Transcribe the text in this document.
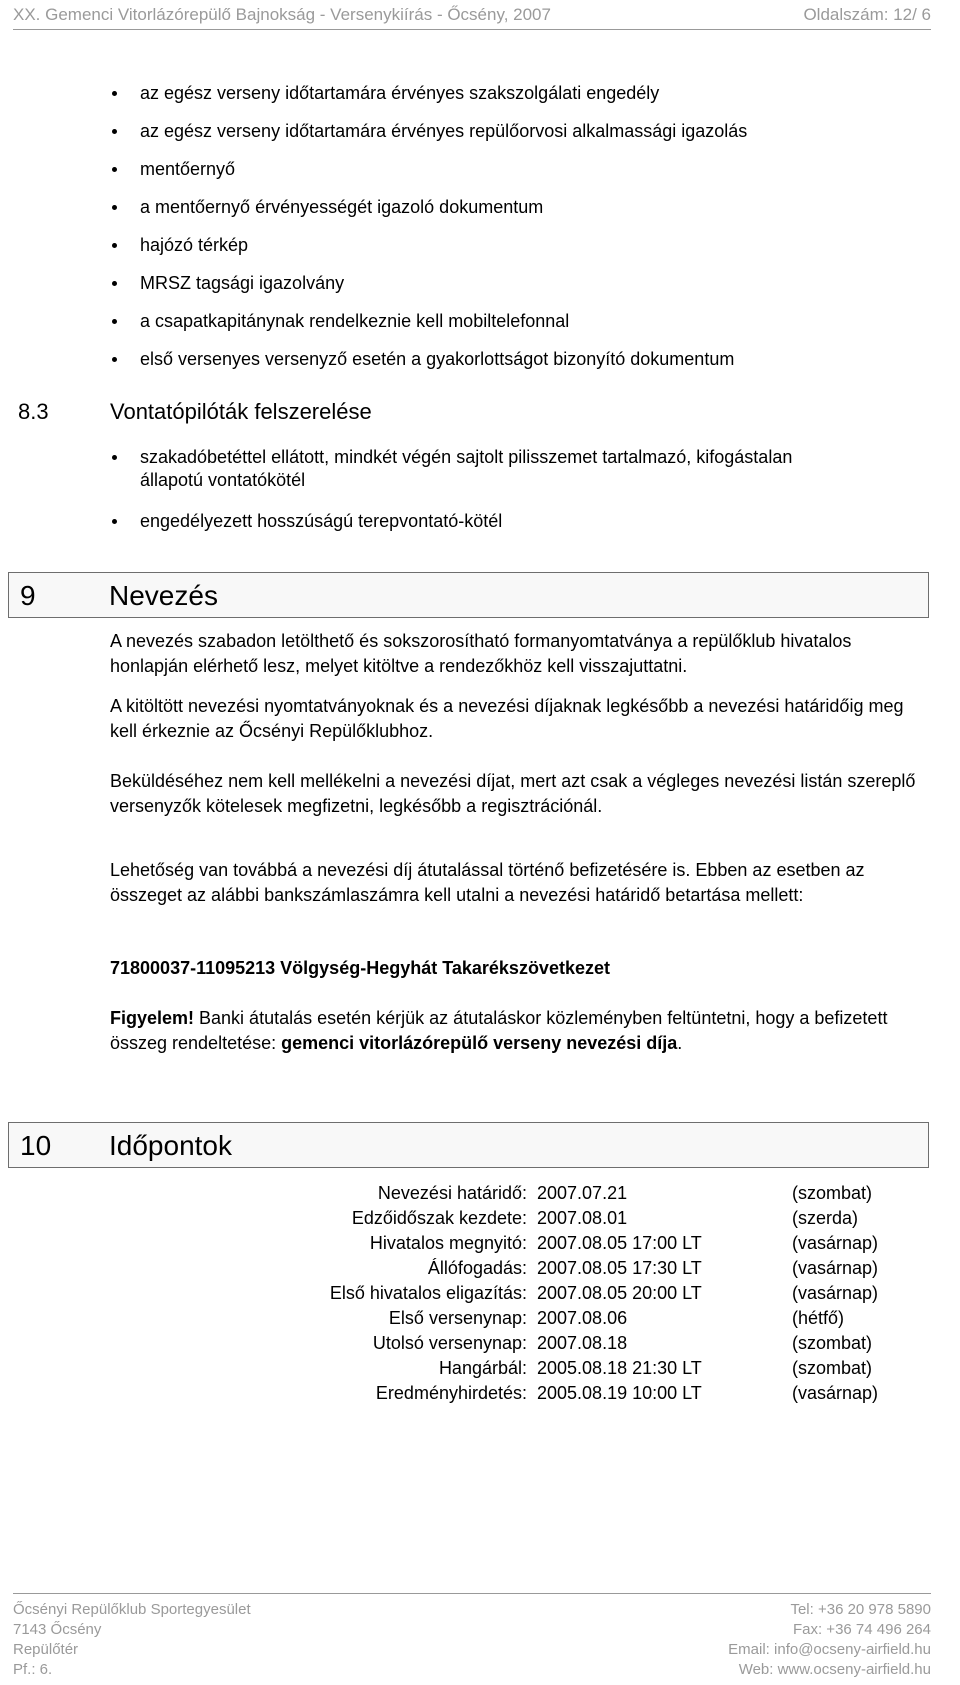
XX. Gemenci Vitorlázórepülő Bajnokság - Versenykiírás - Őcsény, 2007	Oldalszám: 12/ 6
az egész verseny időtartamára érvényes szakszolgálati engedély
az egész verseny időtartamára érvényes repülőorvosi alkalmassági igazolás
mentőernyő
a mentőernyő érvényességét igazoló dokumentum
hajózó térkép
MRSZ tagsági igazolvány
a csapatkapitánynak rendelkeznie kell mobiltelefonnal
első versenyes versenyző esetén a gyakorlottságot bizonyító dokumentum
8.3	Vontatópilóták felszerelése
szakadóbetéttel ellátott, mindkét végén sajtolt pilisszemet tartalmazó, kifogástalan állapotú vontatókötél
engedélyezett hosszúságú terepvontató-kötél
9	Nevezés
A nevezés szabadon letölthető és sokszorosítható formanyomtatványa a repülőklub hivatalos honlapján elérhető lesz, melyet kitöltve a rendezőkhöz kell visszajuttatni.
A kitöltött nevezési nyomtatványoknak és a nevezési díjaknak legkésőbb a nevezési határidőig meg kell érkeznie az Őcsényi Repülőklubhoz.
Beküldéséhez nem kell mellékelni a nevezési díjat, mert azt csak a végleges nevezési listán szereplő versenyzők kötelesek megfizetni, legkésőbb a regisztrációnál.
Lehetőség van továbbá a nevezési díj átutalással történő befizetésére is. Ebben az esetben az összeget az alábbi bankszámlaszámra kell utalni a nevezési határidő betartása mellett:
71800037-11095213 Völgység-Hegyhát Takarékszövetkezet
Figyelem! Banki átutalás esetén kérjük az átutaláskor közleményben feltüntetni, hogy a befizetett összeg rendeltetése: gemenci vitorlázórepülő verseny nevezési díja.
10 Időpontok
Nevezési határidő:	2007.07.21	(szombat)
Edzőidőszak kezdete:	2007.08.01	(szerda)
Hivatalos megnyitó:	2007.08.05 17:00 LT	(vasárnap)
Állófogadás:	2007.08.05 17:30 LT	(vasárnap)
Első hivatalos eligazítás:	2007.08.05 20:00 LT	(vasárnap)
Első versenynap:	2007.08.06	(hétfő)
Utolsó versenynap:	2007.08.18	(szombat)
Hangárbál:	2005.08.18 21:30 LT	(szombat)
Eredményhirdetés:	2005.08.19 10:00 LT	(vasárnap)
Őcsényi Repülőklub Sportegyesület
7143 Őcsény
Repülőtér
Pf.: 6.
Tel: +36 20 978 5890
Fax: +36 74 496 264
Email: info@ocseny-airfield.hu
Web: www.ocseny-airfield.hu
